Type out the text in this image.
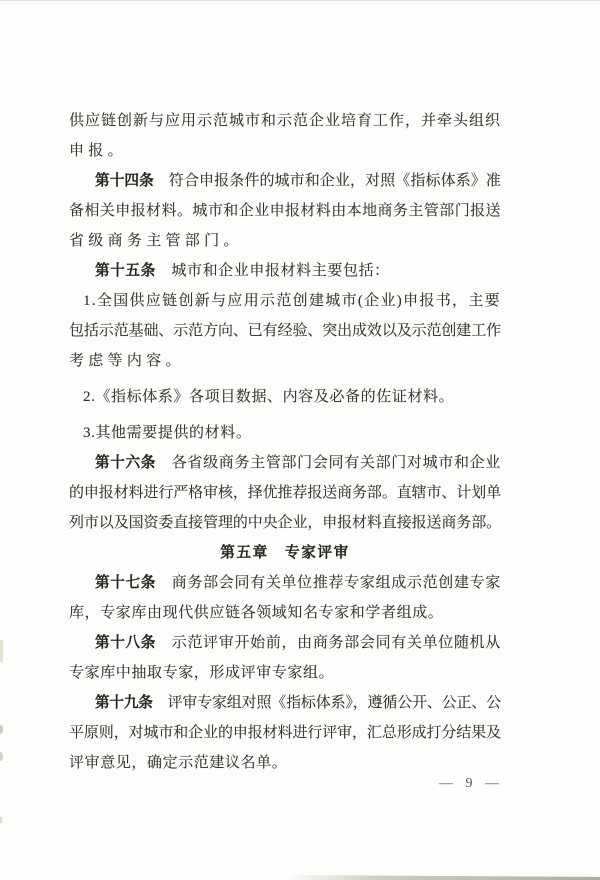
供应链创新与应用示范城市和示范企业培育工作，并牵头组织
申报。
第十四条　符合申报条件的城市和企业，对照《指标体系》准
备相关申报材料。城市和企业申报材料由本地商务主管部门报送
省级商务主管部门。
第十五条　城市和企业申报材料主要包括：
1.全国供应链创新与应用示范创建城市(企业)申报书，主要
包括示范基础、示范方向、已有经验、突出成效以及示范创建工作
考虑等内容。
2.《指标体系》各项目数据、内容及必备的佐证材料。
3.其他需要提供的材料。
第十六条　各省级商务主管部门会同有关部门对城市和企业
的申报材料进行严格审核，择优推荐报送商务部。直辖市、计划单
列市以及国资委直接管理的中央企业，申报材料直接报送商务部。
第五章　专家评审
第十七条　商务部会同有关单位推荐专家组成示范创建专家
库，专家库由现代供应链各领域知名专家和学者组成。
第十八条　示范评审开始前，由商务部会同有关单位随机从
专家库中抽取专家，形成评审专家组。
第十九条　评审专家组对照《指标体系》，遵循公开、公正、公
平原则，对城市和企业的申报材料进行评审，汇总形成打分结果及
评审意见，确定示范建议名单。
— 9 —
